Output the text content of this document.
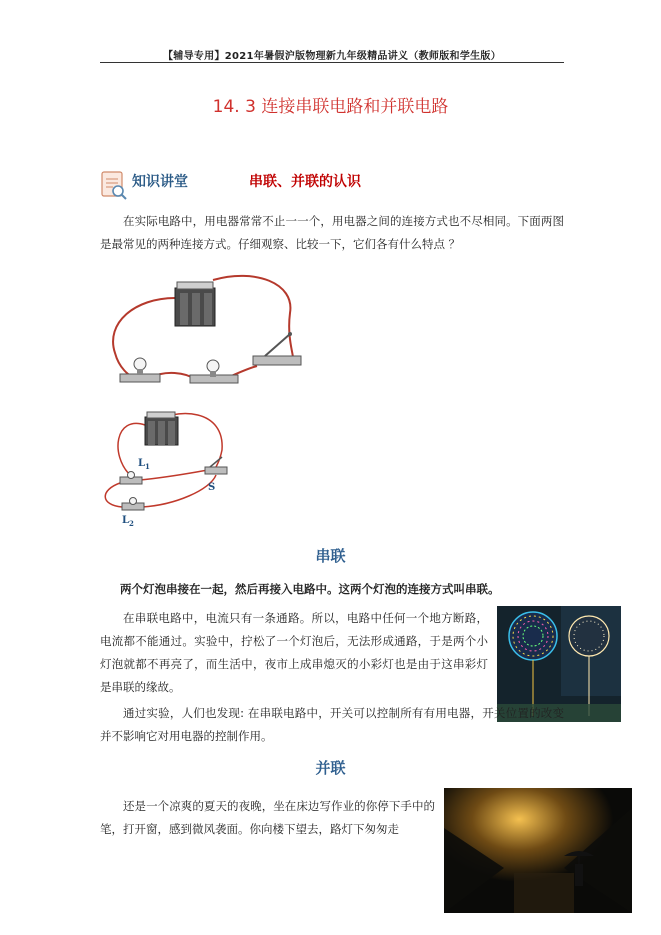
【辅导专用】2021年暑假沪版物理新九年级精品讲义（教师版和学生版）
14. 3 连接串联电路和并联电路
知识讲堂	串联、并联的认识
在实际电路中，用电器常常不止一一个，用电器之间的连接方式也不尽相同。下面两图是最常见的两种连接方式。仔细观察、比较一下，它们各有什么特点 ？
$L_1$
$L_2$
S
串联
两个灯泡串接在一起，然后再接入电路中。这两个灯泡的连接方式叫串联。
在串联电路中，电流只有一条通路。所以，电路中任何一个地方断路，电流都不能通过。实验中，拧松了一个灯泡后，无法形成通路，于是两个小灯泡就都不再亮了，而生活中，夜市上成串熄灭的小彩灯也是由于这串彩灯是串联的缘故。
通过实验，人们也发现: 在串联电路中，开关可以控制所有有用电器，开关位置的改变并不影响它对用电器的控制作用。
并联
还是一个凉爽的夏天的夜晚，坐在床边写作业的你停下手中的笔，打开窗，感到微风袭面。你向楼下望去，路灯下匆匆走
